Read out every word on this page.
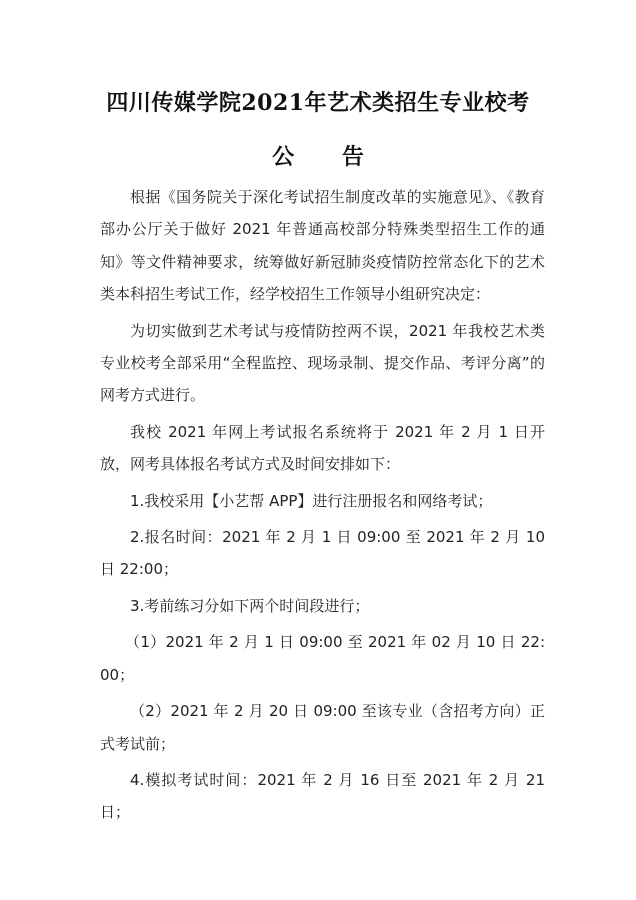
四川传媒学院2021年艺术类招生专业校考
公 告

根据《国务院关于深化考试招生制度改革的实施意见》、《教育部办公厅关于做好 2021 年普通高校部分特殊类型招生工作的通知》等文件精神要求，统筹做好新冠肺炎疫情防控常态化下的艺术类本科招生考试工作，经学校招生工作领导小组研究决定：

为切实做到艺术考试与疫情防控两不误，2021 年我校艺术类专业校考全部采用“全程监控、现场录制、提交作品、考评分离”的网考方式进行。

我校 2021 年网上考试报名系统将于 2021 年 2 月 1 日开放，网考具体报名考试方式及时间安排如下：

1.我校采用【小艺帮 APP】进行注册报名和网络考试；

2.报名时间：2021 年 2 月 1 日 09:00 至 2021 年 2 月 10 日 22:00；

3.考前练习分如下两个时间段进行；

（1）2021 年 2 月 1 日 09:00 至 2021 年 02 月 10 日 22:00；

（2）2021 年 2 月 20 日 09:00 至该专业（含招考方向）正式考试前；

4.模拟考试时间：2021 年 2 月 16 日至 2021 年 2 月 21 日；
